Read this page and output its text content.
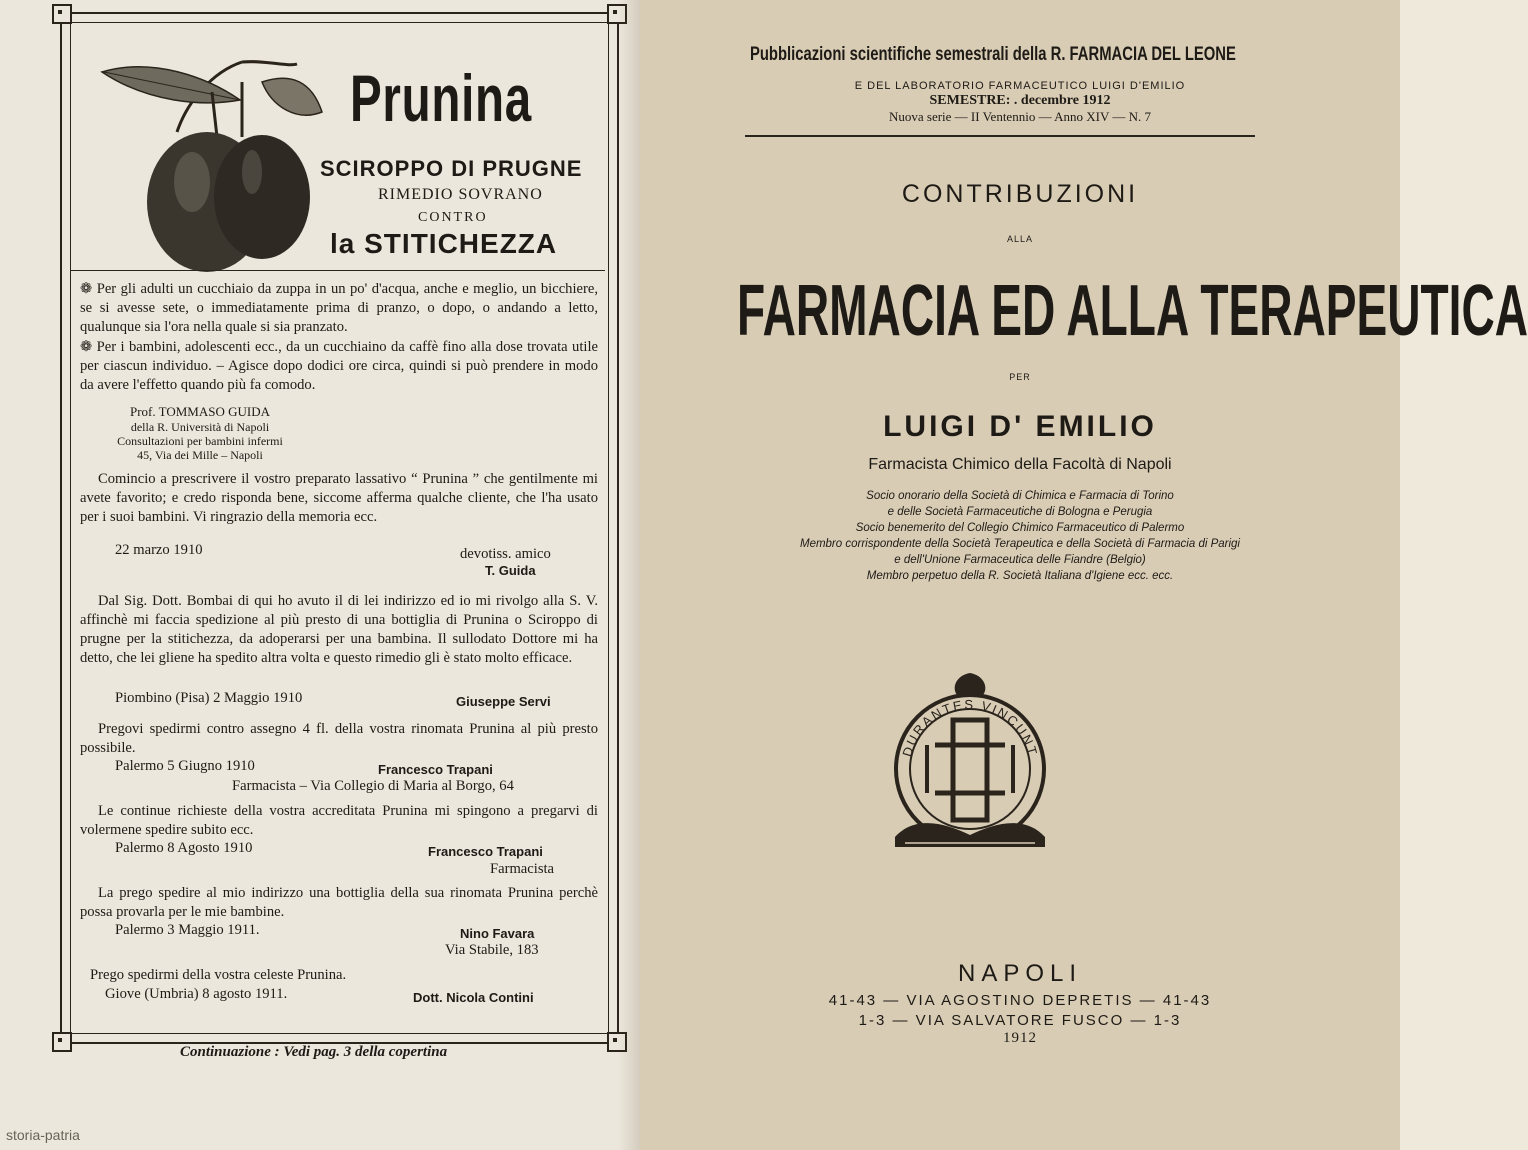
Prunina
SCIROPPO DI PRUGNE
RIMEDIO SOVRANO
CONTRO
la STITICHEZZA

❁ Per gli adulti un cucchiaio da zuppa in un po' d'acqua, anche e meglio, un bicchiere, se si avesse sete, o immediatamente prima di pranzo, o dopo, o andando a letto, qualunque sia l'ora nella quale si sia pranzato.

❁ Per i bambini, adolescenti ecc., da un cucchiaino da caffè fino alla dose trovata utile per ciascun individuo. – Agisce dopo dodici ore circa, quindi si può prendere in modo da avere l'effetto quando più fa comodo.

Prof. TOMMASO GUIDA
della R. Università di Napoli
Consultazioni per bambini infermi
45, Via dei Mille – Napoli
Comincio a prescrivere il vostro preparato lassativo “ Prunina ” che gentilmente mi avete favorito; e credo risponda bene, siccome afferma qualche cliente, che l'ha usato per i suoi bambini. Vi ringrazio della memoria ecc.
22 marzo 1910	devotiss. amico
T. Guida
Dal Sig. Dott. Bombai di qui ho avuto il di lei indirizzo ed io mi rivolgo alla S. V. affinchè mi faccia spedizione al più presto di una bottiglia di Prunina o Sciroppo di prugne per la stitichezza, da adoperarsi per una bambina. Il sullodato Dottore mi ha detto, che lei gliene ha spedito altra volta e questo rimedio gli è stato molto efficace.
Piombino (Pisa) 2 Maggio 1910	Giuseppe Servi
Pregovi spedirmi contro assegno 4 fl. della vostra rinomata Prunina al più presto possibile.
Palermo 5 Giugno 1910	Francesco Trapani
Farmacista – Via Collegio di Maria al Borgo, 64
Le continue richieste della vostra accreditata Prunina mi spingono a pregarvi di volermene spedire subito ecc.
Palermo 8 Agosto 1910	Francesco Trapani
Farmacista
La prego spedire al mio indirizzo una bottiglia della sua rinomata Prunina perchè possa provarla per le mie bambine.
Palermo 3 Maggio 1911.	Nino Favara
Via Stabile, 183
Prego spedirmi della vostra celeste Prunina.
Giove (Umbria) 8 agosto 1911.	Dott. Nicola Contini
Continuazione : Vedi pag. 3 della copertina
storia-patria
Pubblicazioni scientifiche semestrali della R. FARMACIA DEL LEONE
E DEL LABORATORIO FARMACEUTICO LUIGI D'EMILIO
SEMESTRE: . decembre 1912
Nuova serie — II Ventennio — Anno XIV — N. 7
CONTRIBUZIONI
ALLA
FARMACIA ED ALLA TERAPEUTICA
PER
LUIGI D' EMILIO
Farmacista Chimico della Facoltà di Napoli
Socio onorario della Società di Chimica e Farmacia di Torino
e delle Società Farmaceutiche di Bologna e Perugia
Socio benemerito del Collegio Chimico Farmaceutico di Palermo
Membro corrispondente della Società Terapeutica e della Società di Farmacia di Parigi
e dell'Unione Farmaceutica delle Fiandre (Belgio)
Membro perpetuo della R. Società Italiana d'Igiene ecc. ecc.
DURANTES VINCUNT
NAPOLI
41-43 — VIA AGOSTINO DEPRETIS — 41-43
1-3 — VIA SALVATORE FUSCO — 1-3
1912
